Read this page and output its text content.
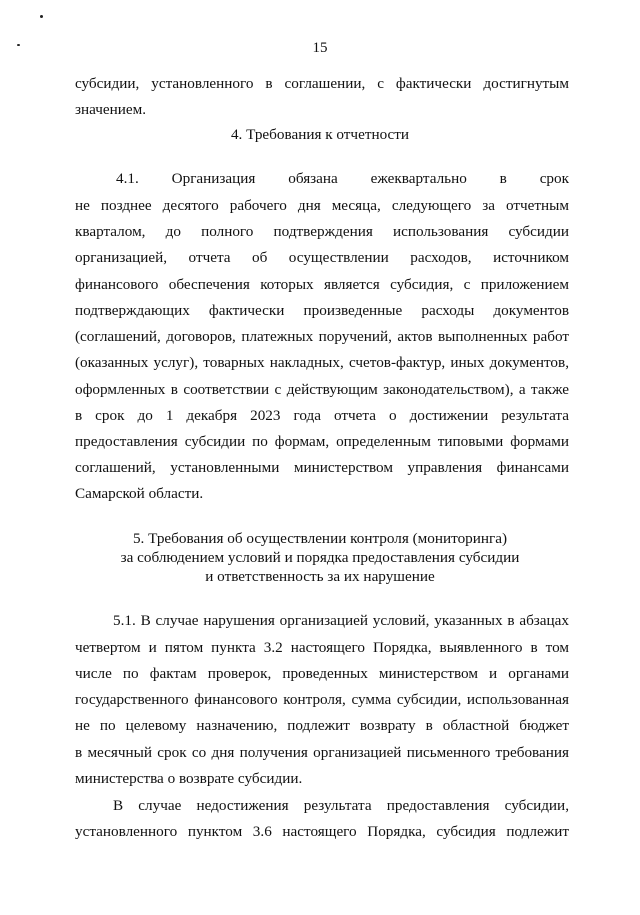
15
субсидии, установленного в соглашении, с фактически достигнутым
значением.
4. Требования к отчетности
4.1. Организация обязана ежеквартально в срок
не позднее десятого рабочего дня месяца, следующего за отчетным
кварталом, до полного подтверждения использования субсидии
организацией, отчета об осуществлении расходов, источником
финансового обеспечения которых является субсидия, с приложением
подтверждающих фактически произведенные расходы документов
(соглашений, договоров, платежных поручений, актов выполненных работ
(оказанных услуг), товарных накладных, счетов-фактур, иных документов,
оформленных в соответствии с действующим законодательством), а также
в срок до 1 декабря 2023 года отчета о достижении результата
предоставления субсидии по формам, определенным типовыми формами
соглашений, установленными министерством управления финансами
Самарской области.
5. Требования об осуществлении контроля (мониторинга)
за соблюдением условий и порядка предоставления субсидии
и ответственность за их нарушение
5.1. В случае нарушения организацией условий, указанных в абзацах
четвертом и пятом пункта 3.2 настоящего Порядка, выявленного в том
числе по фактам проверок, проведенных министерством и органами
государственного финансового контроля, сумма субсидии, использованная
не по целевому назначению, подлежит возврату в областной бюджет
в месячный срок со дня получения организацией письменного требования
министерства о возврате субсидии.
В случае недостижения результата предоставления субсидии,
установленного пунктом 3.6 настоящего Порядка, субсидия подлежит
